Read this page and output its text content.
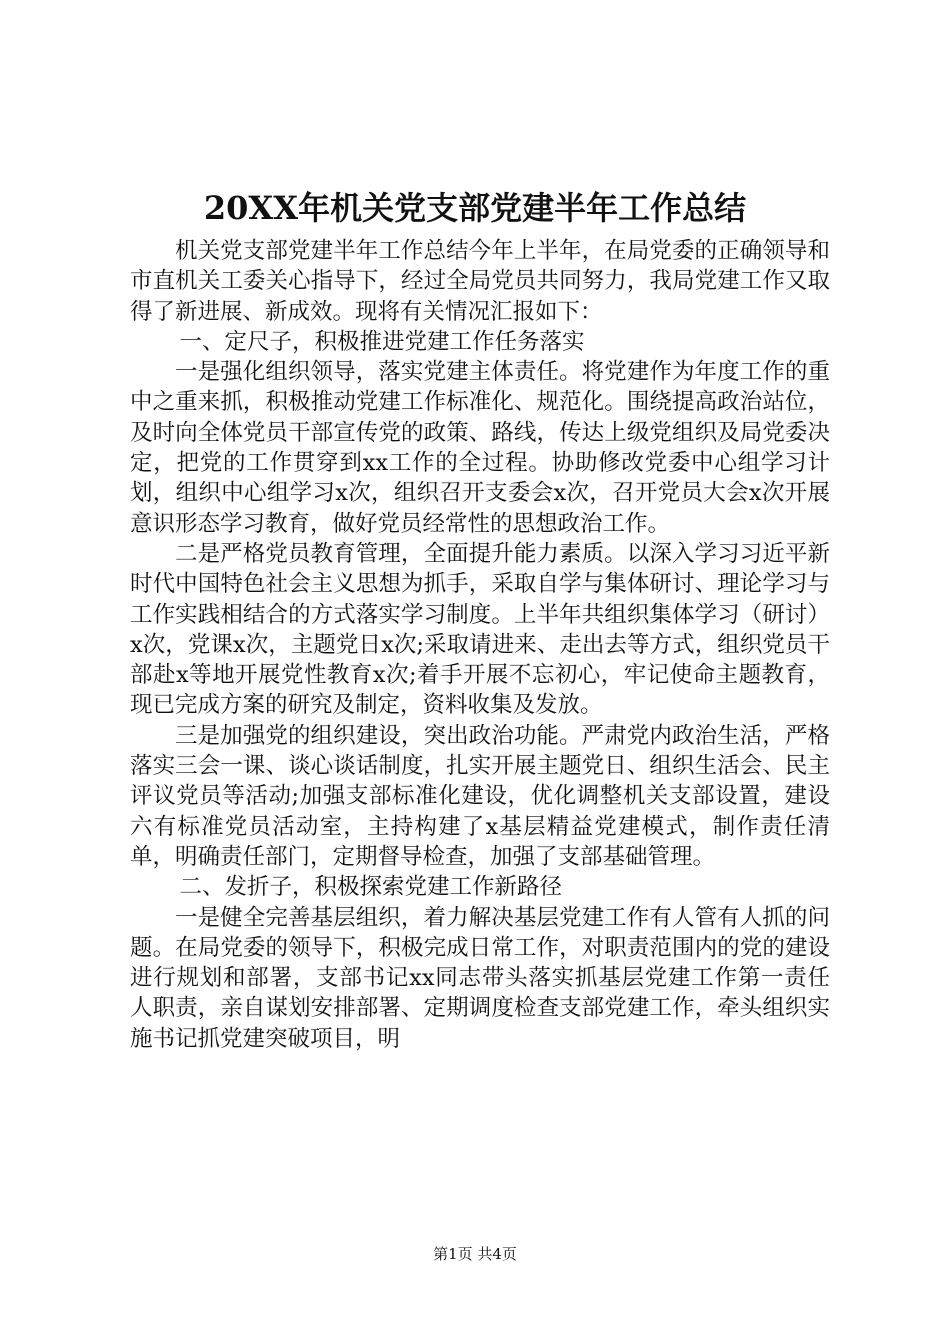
20XX年机关党支部党建半年工作总结

机关党支部党建半年工作总结今年上半年，在局党委的正确领导和市直机关工委关心指导下，经过全局党员共同努力，我局党建工作又取得了新进展、新成效。现将有关情况汇报如下：

一、定尺子，积极推进党建工作任务落实

一是强化组织领导，落实党建主体责任。将党建作为年度工作的重中之重来抓，积极推动党建工作标准化、规范化。围绕提高政治站位，及时向全体党员干部宣传党的政策、路线，传达上级党组织及局党委决定，把党的工作贯穿到xx工作的全过程。协助修改党委中心组学习计划，组织中心组学习x次，组织召开支委会x次，召开党员大会x次开展意识形态学习教育，做好党员经常性的思想政治工作。

二是严格党员教育管理，全面提升能力素质。以深入学习习近平新时代中国特色社会主义思想为抓手，采取自学与集体研讨、理论学习与工作实践相结合的方式落实学习制度。上半年共组织集体学习（研讨）x次，党课x次，主题党日x次;采取请进来、走出去等方式，组织党员干部赴x等地开展党性教育x次;着手开展不忘初心，牢记使命主题教育，现已完成方案的研究及制定，资料收集及发放。

三是加强党的组织建设，突出政治功能。严肃党内政治生活，严格落实三会一课、谈心谈话制度，扎实开展主题党日、组织生活会、民主评议党员等活动;加强支部标准化建设，优化调整机关支部设置，建设六有标准党员活动室，主持构建了x基层精益党建模式，制作责任清单，明确责任部门，定期督导检查，加强了支部基础管理。

二、发折子，积极探索党建工作新路径

一是健全完善基层组织，着力解决基层党建工作有人管有人抓的问题。在局党委的领导下，积极完成日常工作，对职责范围内的党的建设进行规划和部署，支部书记xx同志带头落实抓基层党建工作第一责任人职责，亲自谋划安排部署、定期调度检查支部党建工作，牵头组织实施书记抓党建突破项目，明

第1页 共4页
